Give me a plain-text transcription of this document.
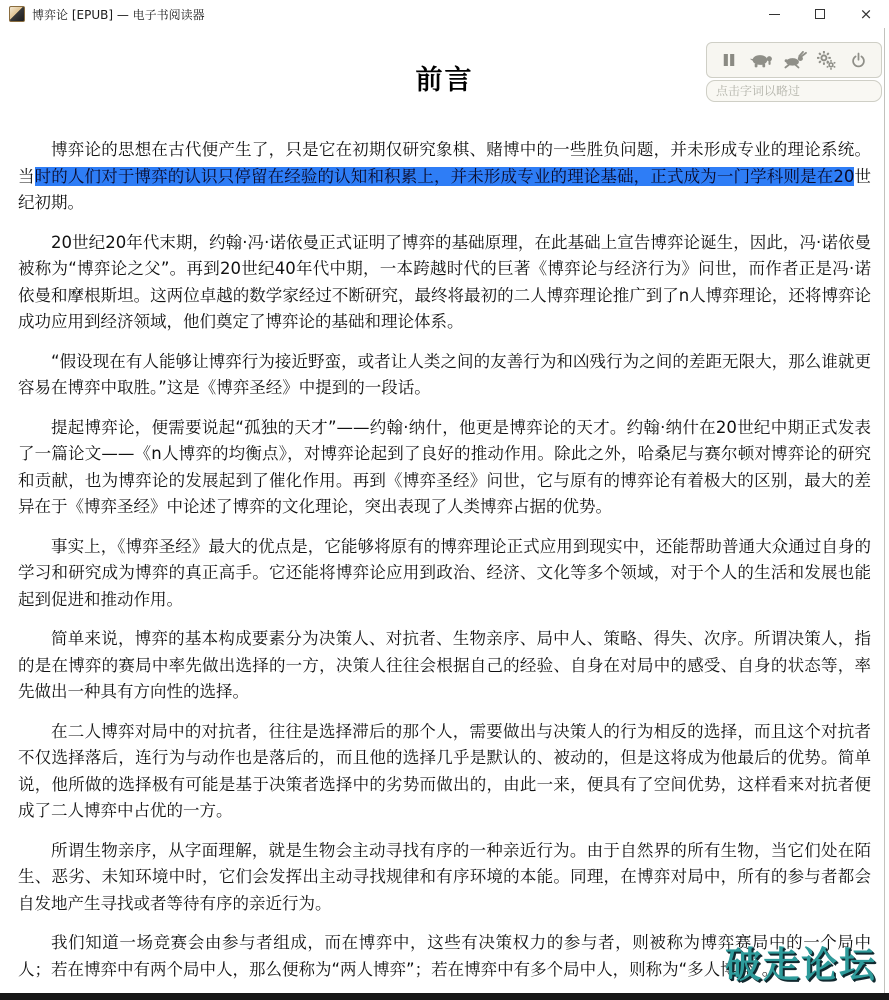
博弈论 [EPUB] — 电子书阅读器	×
点击字词以略过
前言

博弈论的思想在古代便产生了，只是它在初期仅研究象棋、赌博中的一些胜负问题，并未形成专业的理论系统。当时的人们对于博弈的认识只停留在经验的认知和积累上，并未形成专业的理论基础，正式成为一门学科则是在20世纪初期。

20世纪20年代末期，约翰·冯·诺依曼正式证明了博弈的基础原理，在此基础上宣告博弈论诞生，因此，冯·诺依曼被称为“博弈论之父”。再到20世纪40年代中期，一本跨越时代的巨著《博弈论与经济行为》问世，而作者正是冯·诺依曼和摩根斯坦。这两位卓越的数学家经过不断研究，最终将最初的二人博弈理论推广到了n人博弈理论，还将博弈论成功应用到经济领域，他们奠定了博弈论的基础和理论体系。

“假设现在有人能够让博弈行为接近野蛮，或者让人类之间的友善行为和凶残行为之间的差距无限大，那么谁就更容易在博弈中取胜。”这是《博弈圣经》中提到的一段话。

提起博弈论，便需要说起“孤独的天才”——约翰·纳什，他更是博弈论的天才。约翰·纳什在20世纪中期正式发表了一篇论文——《n人博弈的均衡点》，对博弈论起到了良好的推动作用。除此之外，哈桑尼与赛尔顿对博弈论的研究和贡献，也为博弈论的发展起到了催化作用。再到《博弈圣经》问世，它与原有的博弈论有着极大的区别，最大的差异在于《博弈圣经》中论述了博弈的文化理论，突出表现了人类博弈占据的优势。

事实上，《博弈圣经》最大的优点是，它能够将原有的博弈理论正式应用到现实中，还能帮助普通大众通过自身的学习和研究成为博弈的真正高手。它还能将博弈论应用到政治、经济、文化等多个领域，对于个人的生活和发展也能起到促进和推动作用。

简单来说，博弈的基本构成要素分为决策人、对抗者、生物亲序、局中人、策略、得失、次序。所谓决策人，指的是在博弈的赛局中率先做出选择的一方，决策人往往会根据自己的经验、自身在对局中的感受、自身的状态等，率先做出一种具有方向性的选择。

在二人博弈对局中的对抗者，往往是选择滞后的那个人，需要做出与决策人的行为相反的选择，而且这个对抗者不仅选择落后，连行为与动作也是落后的，而且他的选择几乎是默认的、被动的，但是这将成为他最后的优势。简单说，他所做的选择极有可能是基于决策者选择中的劣势而做出的，由此一来，便具有了空间优势，这样看来对抗者便成了二人博弈中占优的一方。

所谓生物亲序，从字面理解，就是生物会主动寻找有序的一种亲近行为。由于自然界的所有生物，当它们处在陌生、恶劣、未知环境中时，它们会发挥出主动寻找规律和有序环境的本能。同理，在博弈对局中，所有的参与者都会自发地产生寻找或者等待有序的亲近行为。

我们知道一场竞赛会由参与者组成，而在博弈中，这些有决策权力的参与者，则被称为博弈赛局中的一个局中人；若在博弈中有两个局中人，那么便称为“两人博弈”；若在博弈中有多个局中人，则称为“多人博弈”。

破走论坛
